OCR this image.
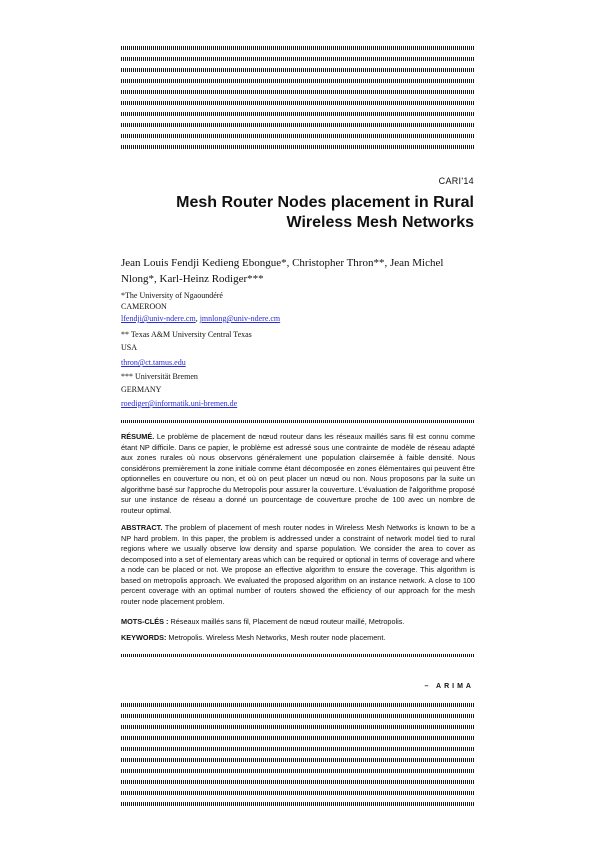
CARI'14
Mesh Router Nodes placement in Rural
Wireless Mesh Networks
Jean Louis Fendji Kedieng Ebongue*, Christopher Thron**, Jean Michel
Nlong*, Karl-Heinz Rodiger***
*The University of Ngaoundéré
CAMEROON
lfendji@univ-ndere.cm, jmnlong@univ-ndere.cm
** Texas A&M University Central Texas
USA
thron@ct.tamus.edu
*** Universität Bremen
GERMANY
roediger@informatik.uni-bremen.de
RÉSUMÉ. Le problème de placement de nœud routeur dans les réseaux maillés sans fil est connu comme étant NP difficile. Dans ce papier, le problème est adressé sous une contrainte de modèle de réseau adapté aux zones rurales où nous observons généralement une population clairsemée à faible densité. Nous considérons premièrement la zone initiale comme étant décomposée en zones élémentaires qui peuvent être optionnelles en couverture ou non, et où on peut placer un nœud ou non. Nous proposons par la suite un algorithme basé sur l'approche du Metropolis pour assurer la couverture. L'évaluation de l'algorithme proposé sur une instance de réseau a donné un pourcentage de couverture proche de 100 avec un nombre de routeur optimal.
ABSTRACT. The problem of placement of mesh router nodes in Wireless Mesh Networks is known to be a NP hard problem. In this paper, the problem is addressed under a constraint of network model tied to rural regions where we usually observe low density and sparse population. We consider the area to cover as decomposed into a set of elementary areas which can be required or optional in terms of coverage and where a node can be placed or not. We propose an effective algorithm to ensure the coverage. This algorithm is based on metropolis approach. We evaluated the proposed algorithm on an instance network. A close to 100 percent coverage with an optimal number of routers showed the efficiency of our approach for the mesh router node placement problem.
MOTS-CLÉS : Réseaux maillés sans fil, Placement de nœud routeur maillé, Metropolis.
KEYWORDS: Metropolis. Wireless Mesh Networks, Mesh router node placement.
– ARIMA
